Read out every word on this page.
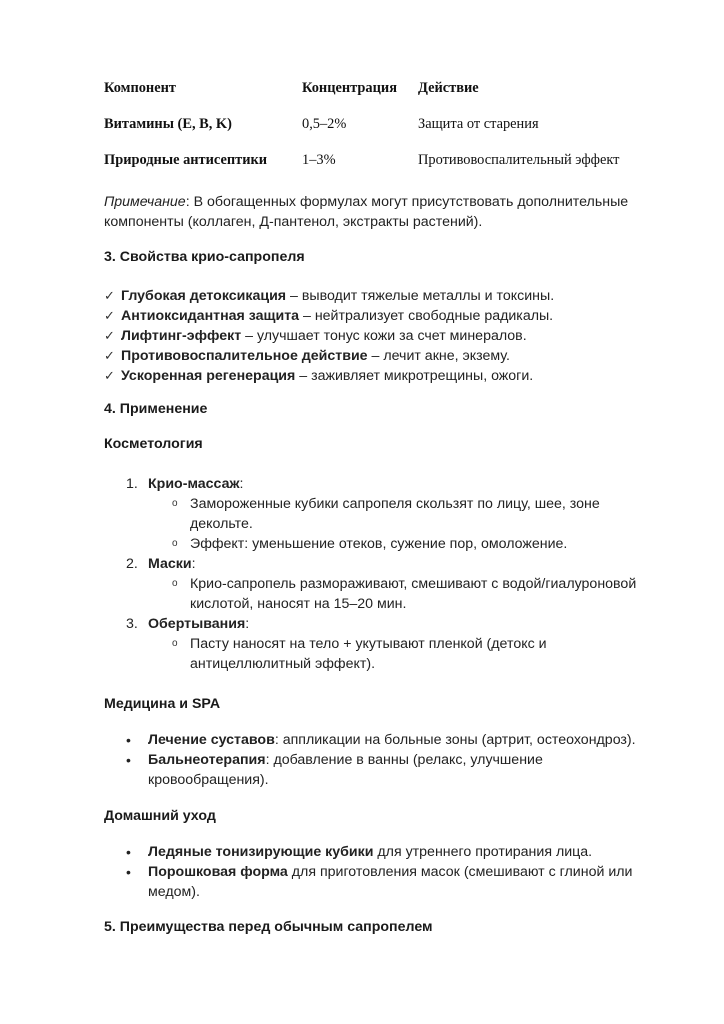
Компонент	Концентрация Действие
Витамины (E, B, K)	0,5–2%	Защита от старения
Природные антисептики 1–3%	Противовоспалительный эффект
Примечание: В обогащенных формулах могут присутствовать дополнительные компоненты (коллаген, Д-пантенол, экстракты растений).
3. Свойства крио-сапропеля
✓ Глубокая детоксикация – выводит тяжелые металлы и токсины.
✓ Антиоксидантная защита – нейтрализует свободные радикалы.
✓ Лифтинг-эффект – улучшает тонус кожи за счет минералов.
✓ Противовоспалительное действие – лечит акне, экзему.
✓ Ускоренная регенерация – заживляет микротрещины, ожоги.
4. Применение
Косметология
1. Крио-массаж:
o Замороженные кубики сапропеля скользят по лицу, шее, зоне декольте.
o Эффект: уменьшение отеков, сужение пор, омоложение.
2. Маски:
o Крио-сапропель размораживают, смешивают с водой/гиалуроновой кислотой, наносят на 15–20 мин.
3. Обертывания:
o Пасту наносят на тело + укутывают пленкой (детокс и антицеллюлитный эффект).
Медицина и SPA
• Лечение суставов: аппликации на больные зоны (артрит, остеохондроз).
• Бальнеотерапия: добавление в ванны (релакс, улучшение кровообращения).
Домашний уход
• Ледяные тонизирующие кубики для утреннего протирания лица.
• Порошковая форма для приготовления масок (смешивают с глиной или медом).
5. Преимущества перед обычным сапропелем
